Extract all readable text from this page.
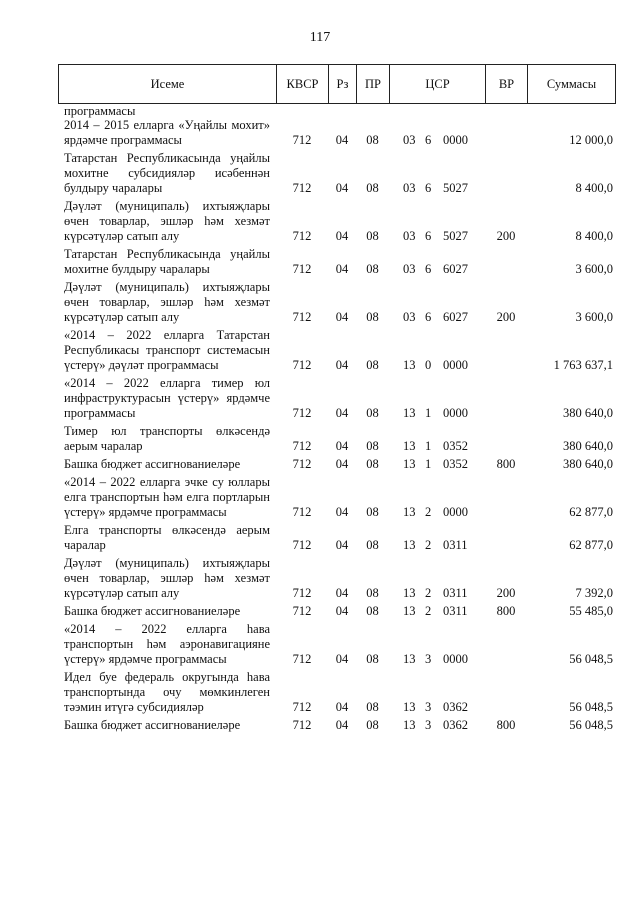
117
Исеме	КВСР	Рз	ПР	ЦСР	ВР	Суммасы
программасы								
2014 – 2015 елларга «Уңайлы мохит» ярдәмче программасы	712	04	08	03	6	0000		12 000,0
Татарстан Республикасында уңайлы мохитне субсидияләр исәбеннән булдыру чаралары	712	04	08	03	6	5027		8 400,0
Дәүләт (муниципаль) ихтыяҗлары өчен товарлар, эшләр һәм хезмәт күрсәтүләр сатып алу	712	04	08	03	6	5027	200	8 400,0
Татарстан Республикасында уңайлы мохитне булдыру чаралары	712	04	08	03	6	6027		3 600,0
Дәүләт (муниципаль) ихтыяҗлары өчен товарлар, эшләр һәм хезмәт күрсәтүләр сатып алу	712	04	08	03	6	6027	200	3 600,0
«2014 – 2022 елларга Татарстан Республикасы транспорт системасын үстерү» дәүләт программасы	712	04	08	13	0	0000		1 763 637,1
«2014 – 2022 елларга тимер юл инфраструктурасын үстерү» ярдәмче программасы	712	04	08	13	1	0000		380 640,0
Тимер юл транспорты өлкәсендә аерым чаралар	712	04	08	13	1	0352		380 640,0
Башка бюджет ассигнованиеләре	712	04	08	13	1	0352	800	380 640,0
«2014 – 2022 елларга эчке су юллары елга транспортын һәм елга портларын үстерү» ярдәмче программасы	712	04	08	13	2	0000		62 877,0
Елга транспорты өлкәсендә аерым чаралар	712	04	08	13	2	0311		62 877,0
Дәүләт (муниципаль) ихтыяҗлары өчен товарлар, эшләр һәм хезмәт күрсәтүләр сатып алу	712	04	08	13	2	0311	200	7 392,0
Башка бюджет ассигнованиеләре	712	04	08	13	2	0311	800	55 485,0
«2014 – 2022 елларга һава транспортын һәм аэронавигацияне үстерү» ярдәмче программасы	712	04	08	13	3	0000		56 048,5
Идел буе федераль округында һава транспортында очу мөмкинлеген тәэмин итүгә субсидияләр	712	04	08	13	3	0362		56 048,5
Башка бюджет ассигнованиеләре	712	04	08	13	3	0362	800	56 048,5
